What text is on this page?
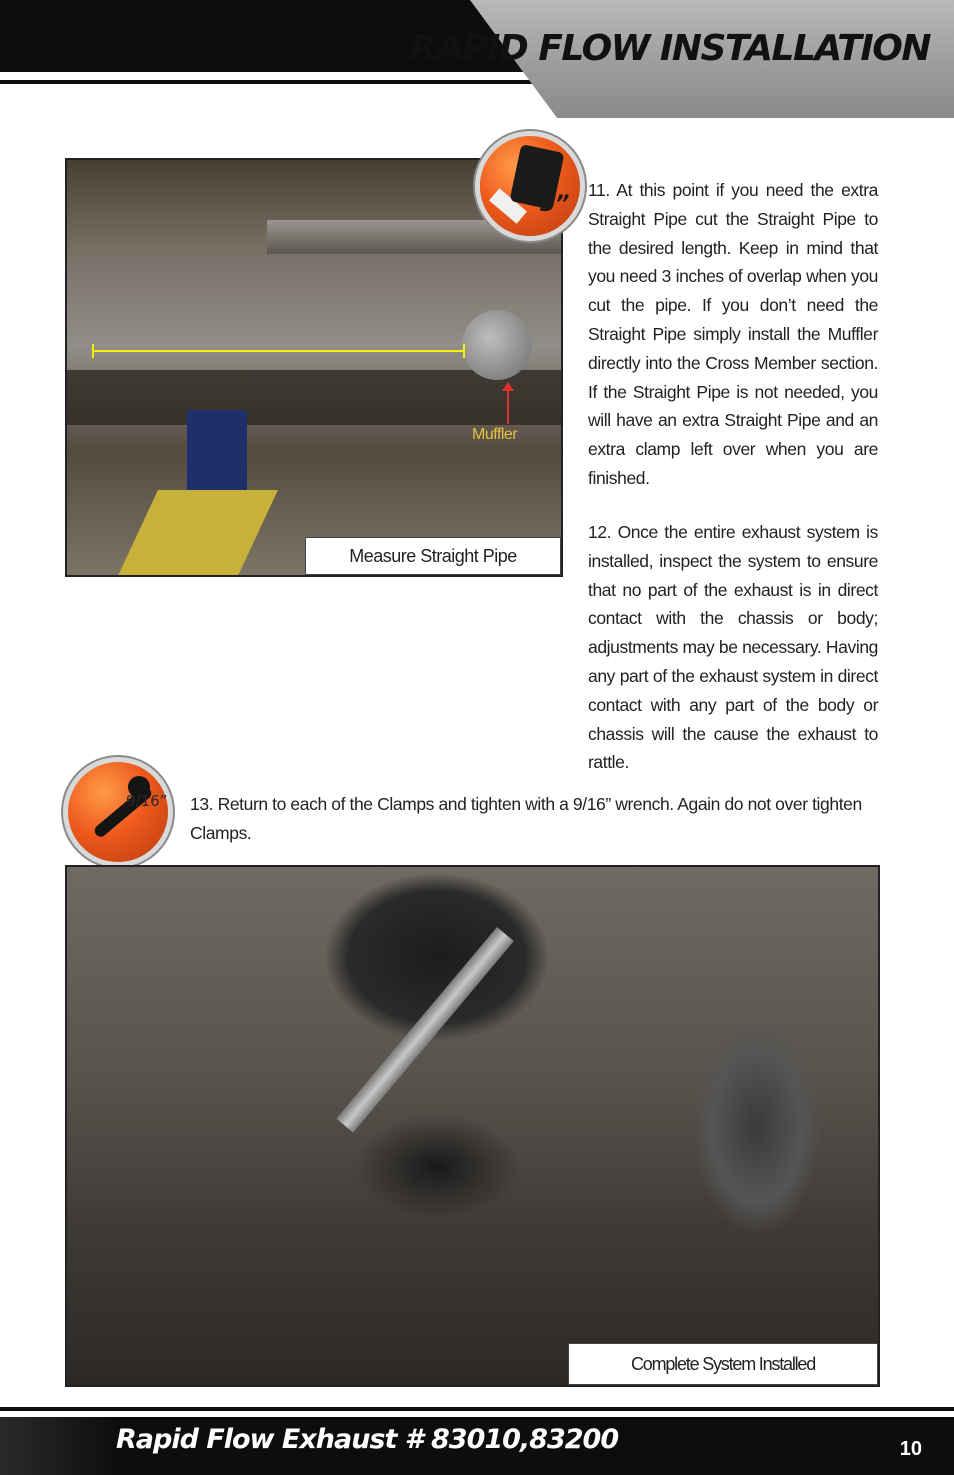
RAPID FLOW INSTALLATION
Muffler
Measure Straight Pipe
3”
11. At this point if you need the extra Straight Pipe cut the Straight Pipe to the desired length. Keep in mind that you need 3 inches of overlap when you cut the pipe. If you don’t need the Straight Pipe simply install the Muffler directly into the Cross Member section. If the Straight Pipe is not needed, you will have an extra Straight Pipe and an extra clamp left over when you are finished.
12. Once the entire exhaust system is installed, inspect the system to ensure that no part of the exhaust is in direct contact with the chassis or body; adjustments may be necessary. Having any part of the exhaust system in direct contact with any part of the body or chassis will the cause the exhaust to rattle.
9/16” 13. Return to each of the Clamps and tighten with a 9/16” wrench. Again do not over tighten Clamps.
Complete System Installed
Rapid Flow Exhaust # 83010,83200	10
